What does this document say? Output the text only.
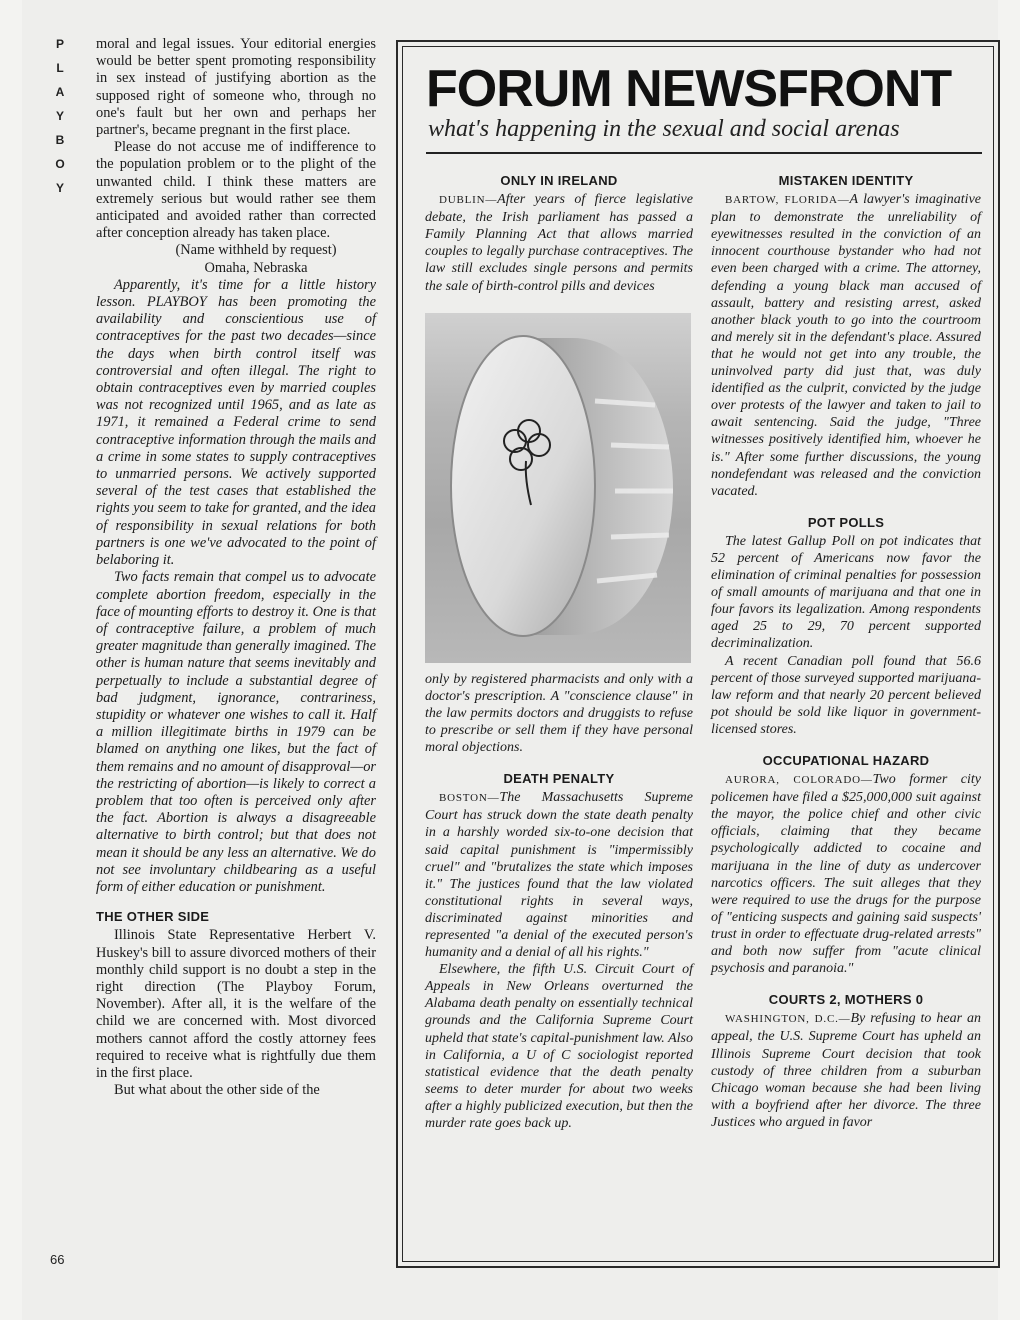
P
L
A
Y
B
O
Y

moral and legal issues. Your editorial energies would be better spent promoting responsibility in sex instead of justifying abortion as the supposed right of someone who, through no one's fault but her own and perhaps her partner's, became pregnant in the first place.

Please do not accuse me of indifference to the population problem or to the plight of the unwanted child. I think these matters are extremely serious but would rather see them anticipated and avoided rather than corrected after conception already has taken place.

(Name withheld by request)

Omaha, Nebraska

Apparently, it's time for a little history lesson. PLAYBOY has been promoting the availability and conscientious use of contraceptives for the past two decades—since the days when birth control itself was controversial and often illegal. The right to obtain contraceptives even by married couples was not recognized until 1965, and as late as 1971, it remained a Federal crime to send contraceptive information through the mails and a crime in some states to supply contraceptives to unmarried persons. We actively supported several of the test cases that established the rights you seem to take for granted, and the idea of responsibility in sexual relations for both partners is one we've advocated to the point of belaboring it.

Two facts remain that compel us to advocate complete abortion freedom, especially in the face of mounting efforts to destroy it. One is that of contraceptive failure, a problem of much greater magnitude than generally imagined. The other is human nature that seems inevitably and perpetually to include a substantial degree of bad judgment, ignorance, contrariness, stupidity or whatever one wishes to call it. Half a million illegitimate births in 1979 can be blamed on anything one likes, but the fact of them remains and no amount of disapproval—or the restricting of abortion—is likely to correct a problem that too often is perceived only after the fact. Abortion is always a disagreeable alternative to birth control; but that does not mean it should be any less an alternative. We do not see involuntary childbearing as a useful form of either education or punishment.

THE OTHER SIDE

Illinois State Representative Herbert V. Huskey's bill to assure divorced mothers of their monthly child support is no doubt a step in the right direction (The Playboy Forum, November). After all, it is the welfare of the child we are concerned with. Most divorced mothers cannot afford the costly attorney fees required to receive what is rightfully due them in the first place.

But what about the other side of the

66
FORUM NEWSFRONT
what's happening in the sexual and social arenas
ONLY IN IRELAND

DUBLIN—After years of fierce legislative debate, the Irish parliament has passed a Family Planning Act that allows married couples to legally purchase contraceptives. The law still excludes single persons and permits the sale of birth-control pills and devices

only by registered pharmacists and only with a doctor's prescription. A "conscience clause" in the law permits doctors and druggists to refuse to prescribe or sell them if they have personal moral objections.

DEATH PENALTY

BOSTON—The Massachusetts Supreme Court has struck down the state death penalty in a harshly worded six-to-one decision that said capital punishment is "impermissibly cruel" and "brutalizes the state which imposes it." The justices found that the law violated constitutional rights in several ways, discriminated against minorities and represented "a denial of the executed person's humanity and a denial of all his rights."

Elsewhere, the fifth U.S. Circuit Court of Appeals in New Orleans overturned the Alabama death penalty on essentially technical grounds and the California Supreme Court upheld that state's capital-punishment law. Also in California, a U of C sociologist reported statistical evidence that the death penalty seems to deter murder for about two weeks after a highly publicized execution, but then the murder rate goes back up.

MISTAKEN IDENTITY

BARTOW, FLORIDA—A lawyer's imaginative plan to demonstrate the unreliability of eyewitnesses resulted in the conviction of an innocent courthouse bystander who had not even been charged with a crime. The attorney, defending a young black man accused of assault, battery and resisting arrest, asked another black youth to go into the courtroom and merely sit in the defendant's place. Assured that he would not get into any trouble, the uninvolved party did just that, was duly identified as the culprit, convicted by the judge over protests of the lawyer and taken to jail to await sentencing. Said the judge, "Three witnesses positively identified him, whoever he is." After some further discussions, the young nondefendant was released and the conviction vacated.

POT POLLS

The latest Gallup Poll on pot indicates that 52 percent of Americans now favor the elimination of criminal penalties for possession of small amounts of marijuana and that one in four favors its legalization. Among respondents aged 25 to 29, 70 percent supported decriminalization.

A recent Canadian poll found that 56.6 percent of those surveyed supported marijuana-law reform and that nearly 20 percent believed pot should be sold like liquor in government-licensed stores.

OCCUPATIONAL HAZARD

AURORA, COLORADO—Two former city policemen have filed a $25,000,000 suit against the mayor, the police chief and other civic officials, claiming that they became psychologically addicted to cocaine and marijuana in the line of duty as undercover narcotics officers. The suit alleges that they were required to use the drugs for the purpose of "enticing suspects and gaining said suspects' trust in order to effectuate drug-related arrests" and both now suffer from "acute clinical psychosis and paranoia."

COURTS 2, MOTHERS 0

WASHINGTON, D.C.—By refusing to hear an appeal, the U.S. Supreme Court has upheld an Illinois Supreme Court decision that took custody of three children from a suburban Chicago woman because she had been living with a boyfriend after her divorce. The three Justices who argued in favor
